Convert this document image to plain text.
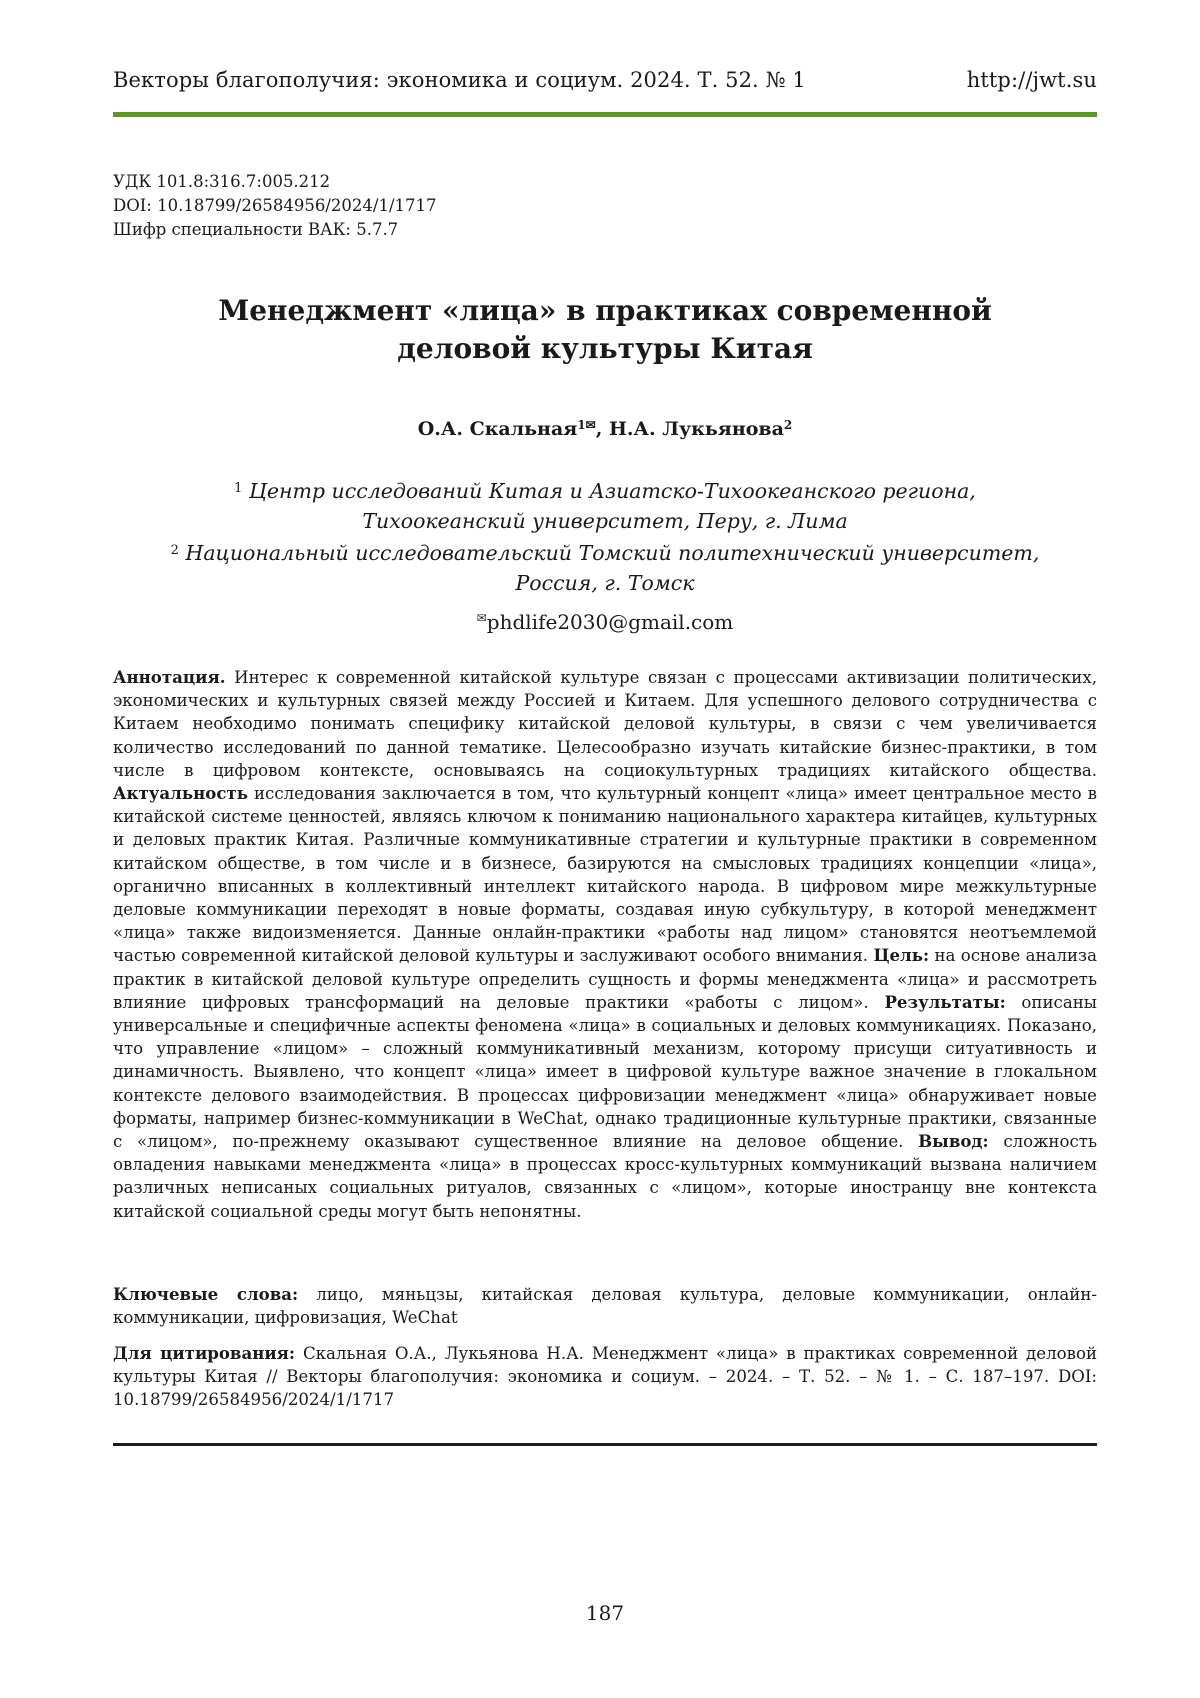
Векторы благополучия: экономика и социум. 2024. Т. 52. № 1	http://jwt.su
УДК 101.8:316.7:005.212
DOI: 10.18799/26584956/2024/1/1717
Шифр специальности ВАК: 5.7.7
Менеджмент «лица» в практиках современной
деловой культуры Китая
О.А. Скальная$^{1✉}$, Н.А. Лукьянова$^2$
$^1$ Центр исследований Китая и Азиатско-Тихоокеанского региона,
Тихоокеанский университет, Перу, г. Лима
$^2$ Национальный исследовательский Томский политехнический университет,
Россия, г. Томск
✉phdlife2030@gmail.com
Аннотация. Интерес к современной китайской культуре связан с процессами активизации политических, экономических и культурных связей между Россией и Китаем. Для успешного делового сотрудничества с Китаем необходимо понимать специфику китайской деловой культуры, в связи с чем увеличивается количество исследований по данной тематике. Целесообразно изучать китайские бизнес-практики, в том числе в цифровом контексте, основываясь на социокультурных традициях китайского общества. Актуальность исследования заключается в том, что культурный концепт «лица» имеет центральное место в китайской системе ценностей, являясь ключом к пониманию национального характера китайцев, культурных и деловых практик Китая. Различные коммуникативные стратегии и культурные практики в современном китайском обществе, в том числе и в бизнесе, базируются на смысловых традициях концепции «лица», органично вписанных в коллективный интеллект китайского народа. В цифровом мире межкультурные деловые коммуникации переходят в новые форматы, создавая иную субкультуру, в которой менеджмент «лица» также видоизменяется. Данные онлайн-практики «работы над лицом» становятся неотъемлемой частью современной китайской деловой культуры и заслуживают особого внимания. Цель: на основе анализа практик в китайской деловой культуре определить сущность и формы менеджмента «лица» и рассмотреть влияние цифровых трансформаций на деловые практики «работы с лицом». Результаты: описаны универсальные и специфичные аспекты феномена «лица» в социальных и деловых коммуникациях. Показано, что управление «лицом» – сложный коммуникативный механизм, которому присущи ситуативность и динамичность. Выявлено, что концепт «лица» имеет в цифровой культуре важное значение в глокальном контексте делового взаимодействия. В процессах цифровизации менеджмент «лица» обнаруживает новые форматы, например бизнес-коммуникации в WeChat, однако традиционные культурные практики, связанные с «лицом», по-прежнему оказывают существенное влияние на деловое общение. Вывод: сложность овладения навыками менеджмента «лица» в процессах кросс-культурных коммуникаций вызвана наличием различных неписаных социальных ритуалов, связанных с «лицом», которые иностранцу вне контекста китайской социальной среды могут быть непонятны.
Ключевые слова: лицо, мяньцзы, китайская деловая культура, деловые коммуникации, онлайн-коммуникации, цифровизация, WeChat
Для цитирования: Скальная О.А., Лукьянова Н.А. Менеджмент «лица» в практиках современной деловой культуры Китая // Векторы благополучия: экономика и социум. – 2024. – Т. 52. – № 1. – С. 187–197. DOI: 10.18799/26584956/2024/1/1717
187
